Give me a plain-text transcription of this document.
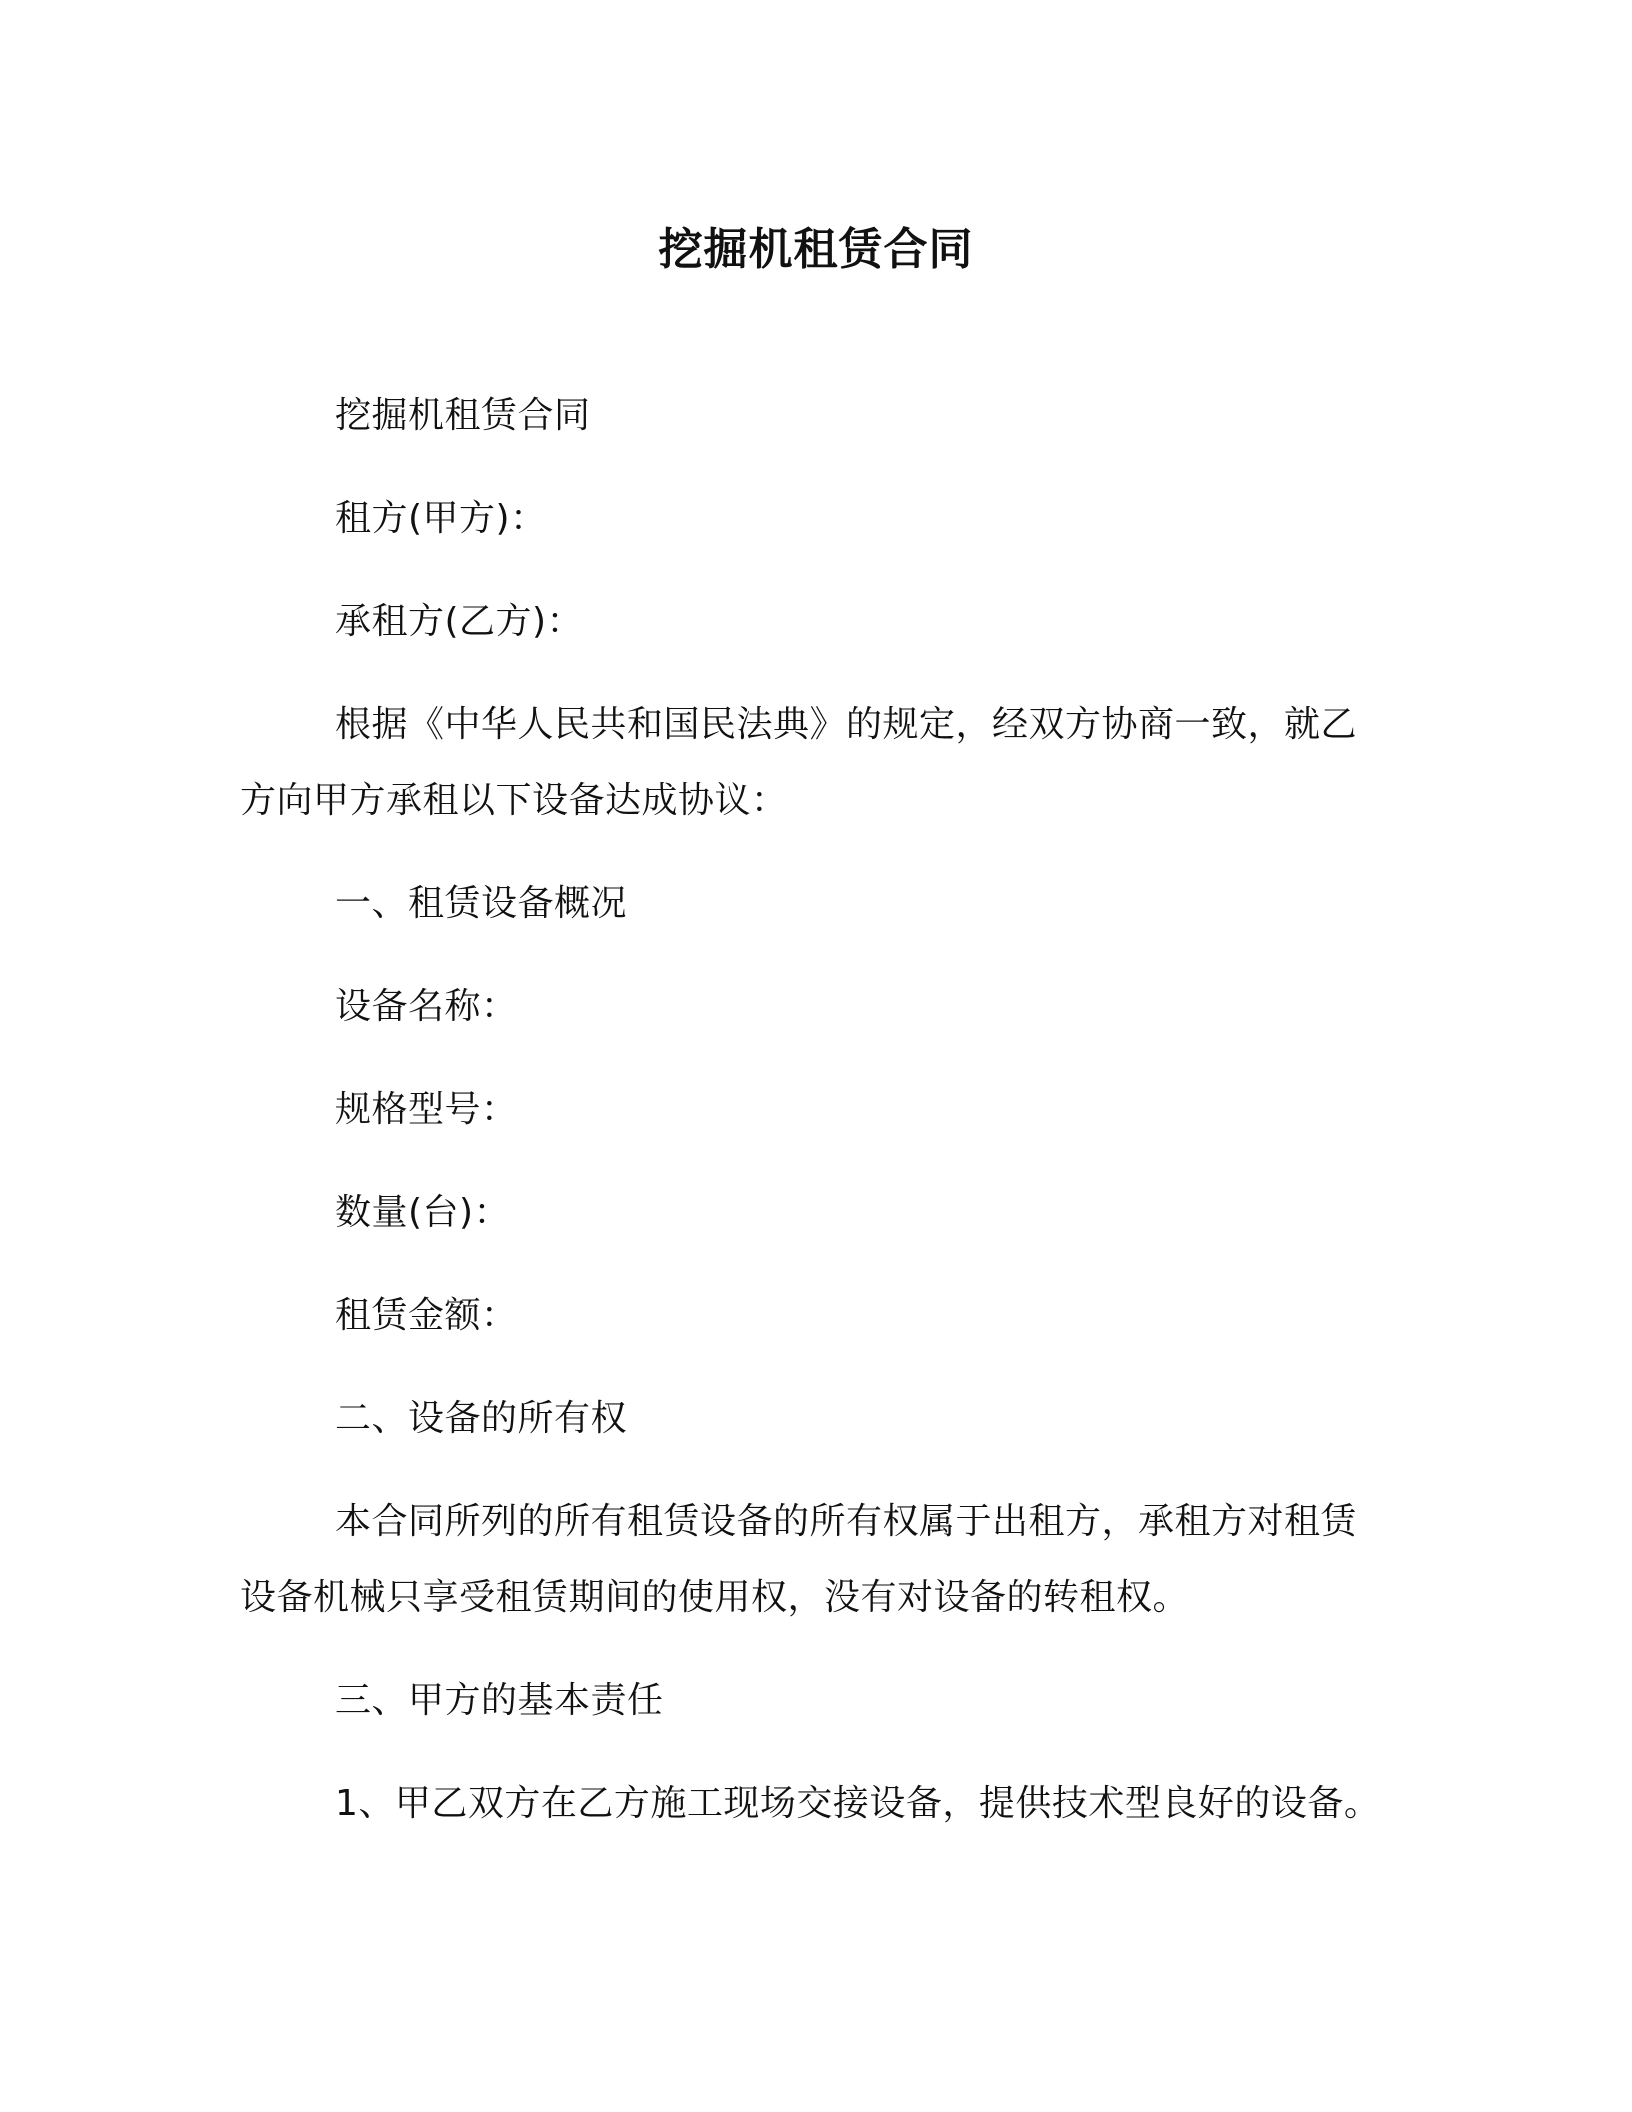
挖掘机租赁合同

挖掘机租赁合同

租方(甲方)：

承租方(乙方)：

根据《中华人民共和国民法典》的规定，经双方协商一致，就乙方向甲方承租以下设备达成协议：

一、租赁设备概况

设备名称：

规格型号：

数量(台)：

租赁金额：

二、设备的所有权

本合同所列的所有租赁设备的所有权属于出租方，承租方对租赁设备机械只享受租赁期间的使用权，没有对设备的转租权。

三、甲方的基本责任

1、甲乙双方在乙方施工现场交接设备，提供技术型良好的设备。
